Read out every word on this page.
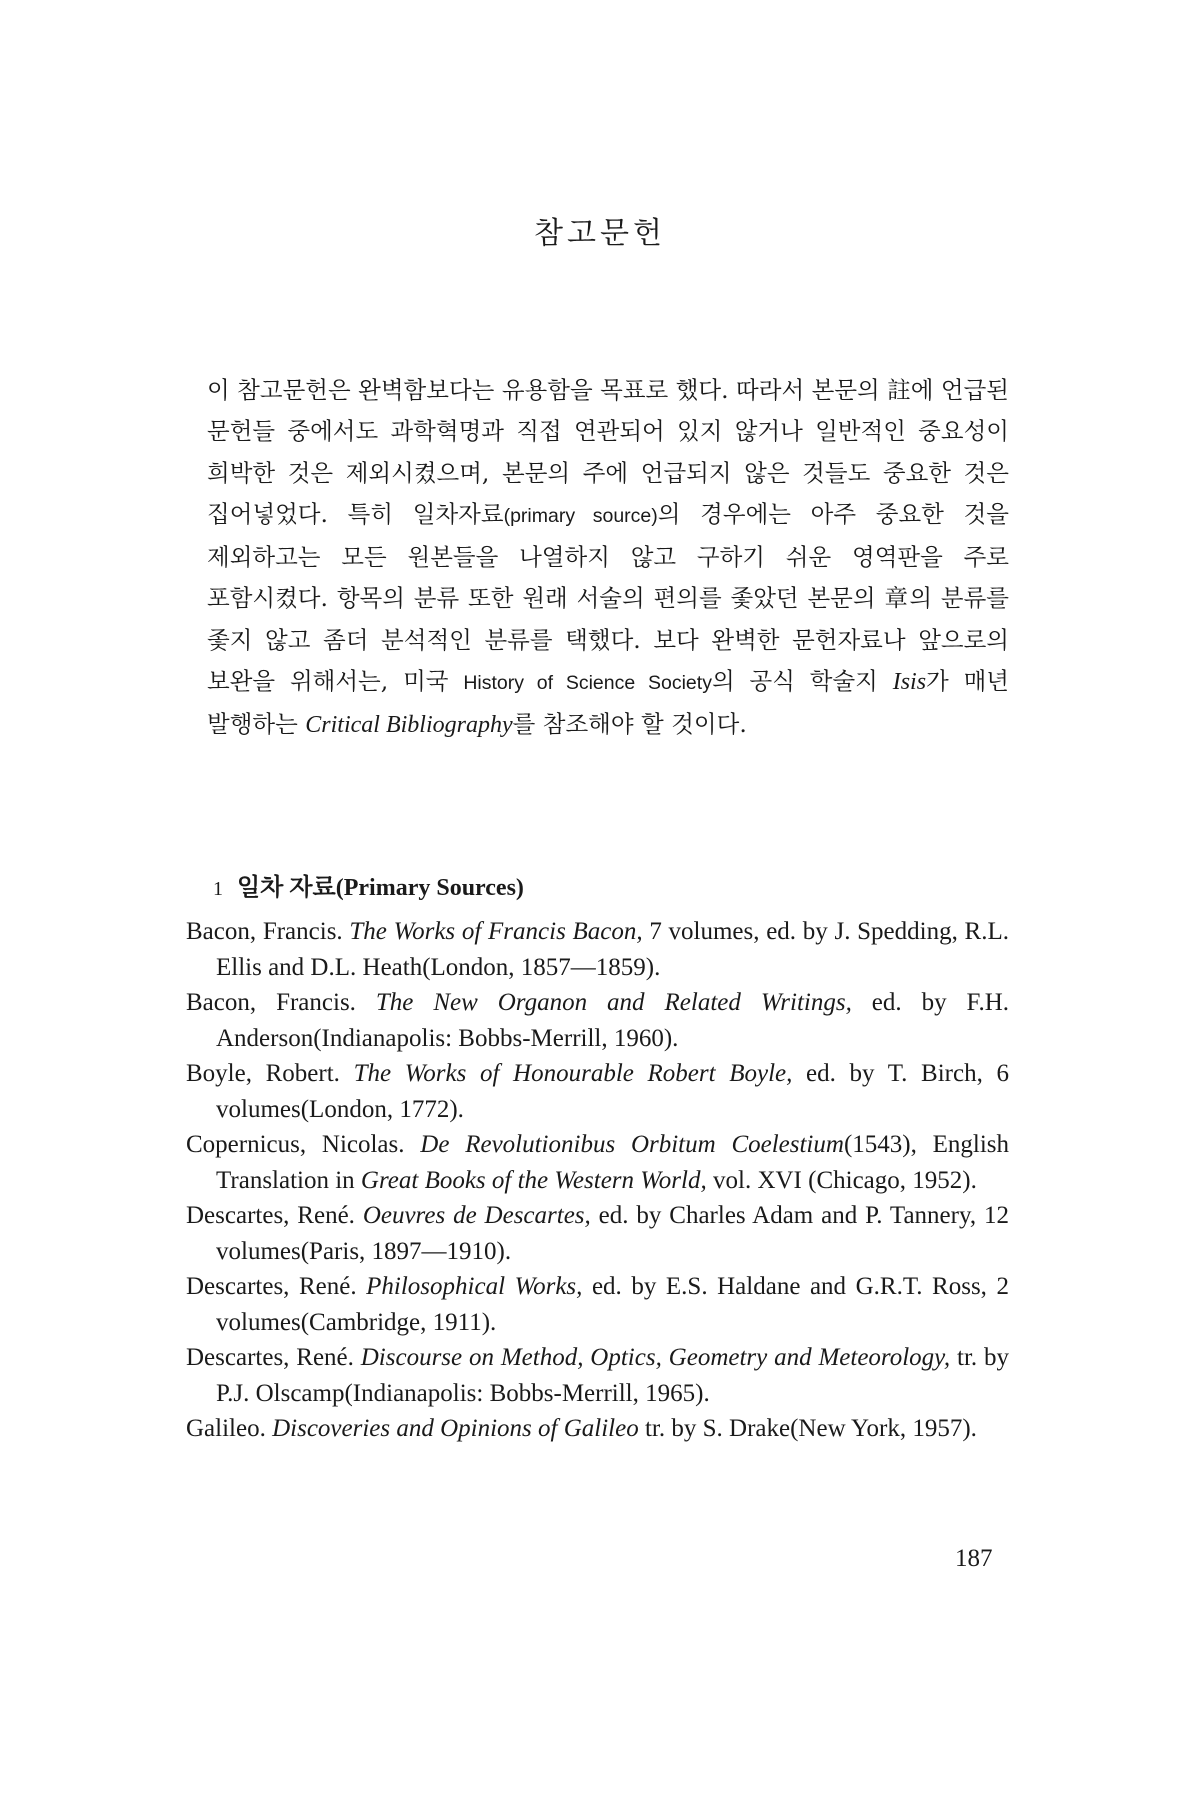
참고문헌

이 참고문헌은 완벽함보다는 유용함을 목표로 했다. 따라서 본문의 註에 언급된 문헌들 중에서도 과학혁명과 직접 연관되어 있지 않거나 일반적인 중요성이 희박한 것은 제외시켰으며, 본문의 주에 언급되지 않은 것들도 중요한 것은 집어넣었다. 특히 일차자료(primary source)의 경우에는 아주 중요한 것을 제외하고는 모든 원본들을 나열하지 않고 구하기 쉬운 영역판을 주로 포함시켰다. 항목의 분류 또한 원래 서술의 편의를 좇았던 본문의 章의 분류를 좇지 않고 좀더 분석적인 분류를 택했다. 보다 완벽한 문헌자료나 앞으로의 보완을 위해서는, 미국 History of Science Society의 공식 학술지 Isis가 매년 발행하는 Critical Bibliography를 참조해야 할 것이다.

1 일차 자료(Primary Sources)

Bacon, Francis. The Works of Francis Bacon, 7 volumes, ed. by J. Spedding, R.L. Ellis and D.L. Heath(London, 1857—1859).

Bacon, Francis. The New Organon and Related Writings, ed. by F.H. Anderson(Indianapolis: Bobbs-Merrill, 1960).

Boyle, Robert. The Works of Honourable Robert Boyle, ed. by T. Birch, 6 volumes(London, 1772).

Copernicus, Nicolas. De Revolutionibus Orbitum Coelestium(1543), English Translation in Great Books of the Western World, vol. XVI (Chicago, 1952).

Descartes, René. Oeuvres de Descartes, ed. by Charles Adam and P. Tannery, 12 volumes(Paris, 1897—1910).

Descartes, René. Philosophical Works, ed. by E.S. Haldane and G.R.T. Ross, 2 volumes(Cambridge, 1911).

Descartes, René. Discourse on Method, Optics, Geometry and Meteorology, tr. by P.J. Olscamp(Indianapolis: Bobbs-Merrill, 1965).

Galileo. Discoveries and Opinions of Galileo tr. by S. Drake(New York, 1957).

187
